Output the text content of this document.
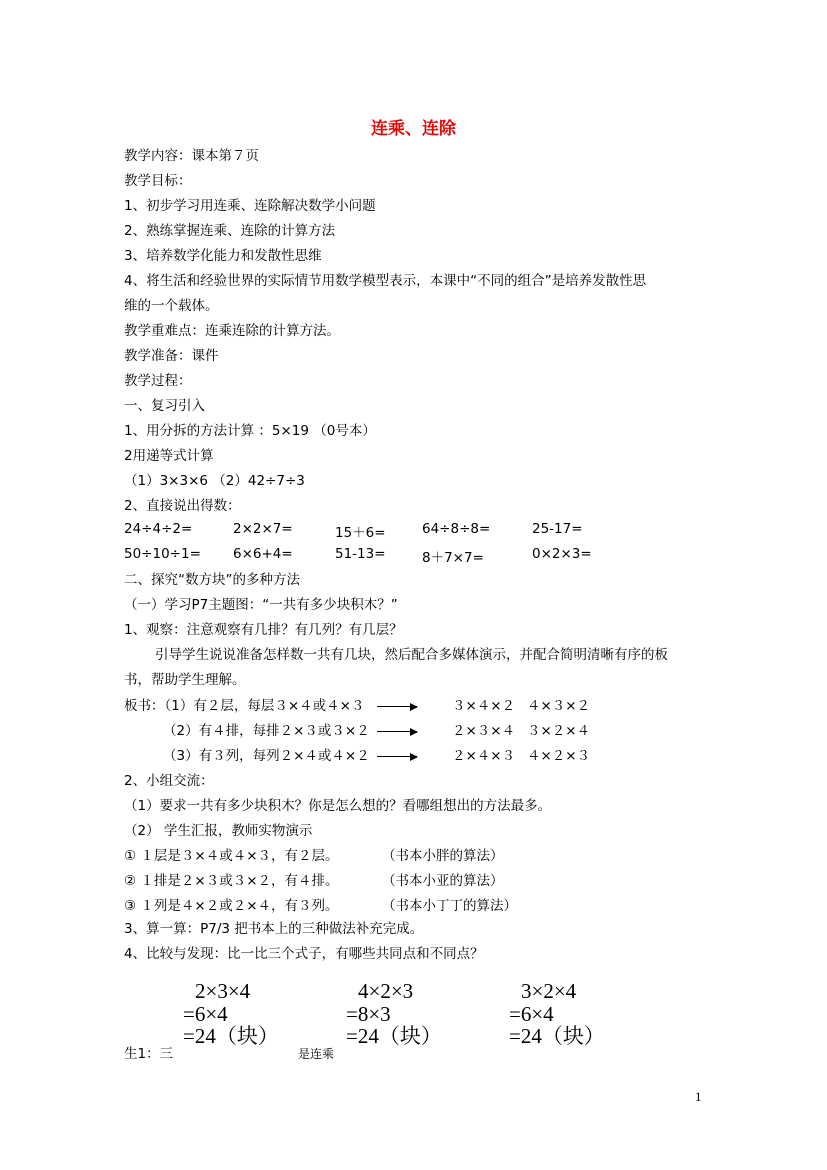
连乘、连除
教学内容：课本第７页
教学目标：
1、初步学习用连乘、连除解决数学小问题
2、熟练掌握连乘、连除的计算方法
3、培养数学化能力和发散性思维
4、将生活和经验世界的实际情节用数学模型表示，本课中“不同的组合”是培养发散性思
维的一个载体。
教学重难点：连乘连除的计算方法。
教学准备：课件
教学过程：
一、复习引入
1、用分拆的方法计算 ：5×19 （0号本）
2用递等式计算
（1）3×3×6 （2）42÷7÷3
2、直接说出得数：
24÷4÷2=	2×2×7=	15＋6=	64÷8÷8=	25-17=
50÷10÷1= 6×6+4=	51-13=	8＋7×7=	0×2×3=
二、探究“数方块”的多种方法
（一）学习P7主题图：“一共有多少块积木？”
1、观察：注意观察有几排？有几列？有几层？
引导学生说说准备怎样数一共有几块，然后配合多媒体演示，并配合简明清晰有序的板
书，帮助学生理解。
板书：（1）有２层，每层３×４或４×３	３×４×２ ４×３×２
（2）有４排，每排２×３或３×２	２×３×４ ３×２×４
（3）有３列，每列２×４或４×２	２×４×３ ４×２×３
2、小组交流：
（1）要求一共有多少块积木？你是怎么想的？看哪组想出的方法最多。
（2） 学生汇报，教师实物演示
① １层是３×４或４×３，有２层。	（书本小胖的算法）
② １排是２×３或３×２，有４排。	（书本小亚的算法）
③ １列是４×２或２×４，有３列。	（书本小丁丁的算法）
3、算一算：P7/3 把书本上的三种做法补充完成。
4、比较与发现：比一比三个式子，有哪些共同点和不同点？
2×3×4
=6×4
=24（块）
4×2×3
=8×3
=24（块）
3×2×4
=6×4
=24（块）
生1：三	是连乘
1
